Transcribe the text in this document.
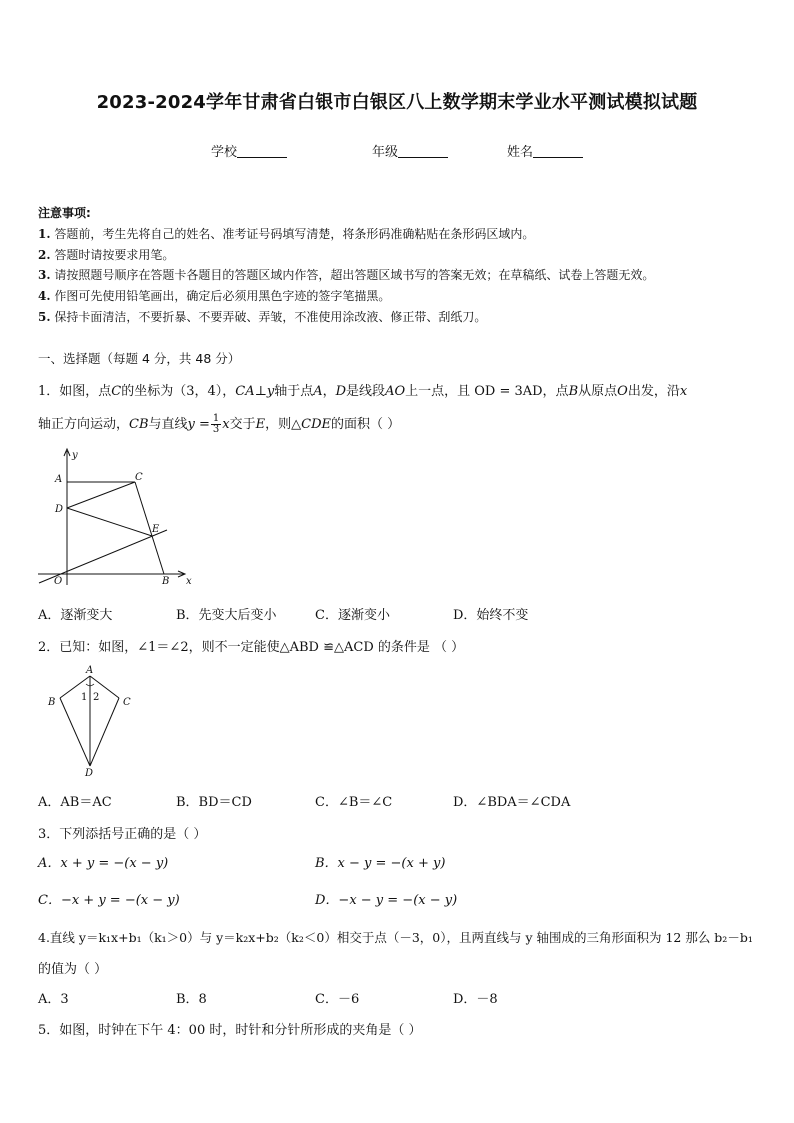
2023-2024学年甘肃省白银市白银区八上数学期末学业水平测试模拟试题
学校	年级	姓名
注意事项:
1. 答题前，考生先将自己的姓名、准考证号码填写清楚，将条形码准确粘贴在条形码区域内。
2. 答题时请按要求用笔。
3. 请按照题号顺序在答题卡各题目的答题区域内作答，超出答题区域书写的答案无效；在草稿纸、试卷上答题无效。
4. 作图可先使用铅笔画出，确定后必须用黑色字迹的签字笔描黑。
5. 保持卡面清洁，不要折暴、不要弄破、弄皱，不准使用涂改液、修正带、刮纸刀。
一、选择题（每题 4 分，共 48 分）
1．如图，点C的坐标为（3，4），CA⊥y轴于点A，D是线段AO上一点，且 OD = 3AD，点B从原点O出发，沿x
轴正方向运动，CB与直线$y = \frac{1}{3}$ x交于E，则△CDE的面积（ ）
y
x
A	C
D
E
O	B
A．逐渐变大	B．先变大后变小	C．逐渐变小	D．始终不变
2．已知：如图，∠1＝∠2，则不一定能使△ABD ≌△ACD 的条件是 （ ）
A
B	C
D
1 2
A．AB＝AC	B．BD＝CD	C．∠B＝∠C	D．∠BDA＝∠CDA
3．下列添括号正确的是（ ）
A．x + y = −(x − y)	B．x − y = −(x + y)
C．−x + y = −(x − y)	D．−x − y = −(x − y)
4.直线 y＝k₁x+b₁（k₁＞0）与 y＝k₂x+b₂（k₂＜0）相交于点（－3，0），且两直线与 y 轴围成的三角形面积为 12 那么 b₂－b₁
的值为（ ）
A．3	B．8	C．－6	D．－8
5．如图，时钟在下午 4：00 时，时针和分针所形成的夹角是（ ）
